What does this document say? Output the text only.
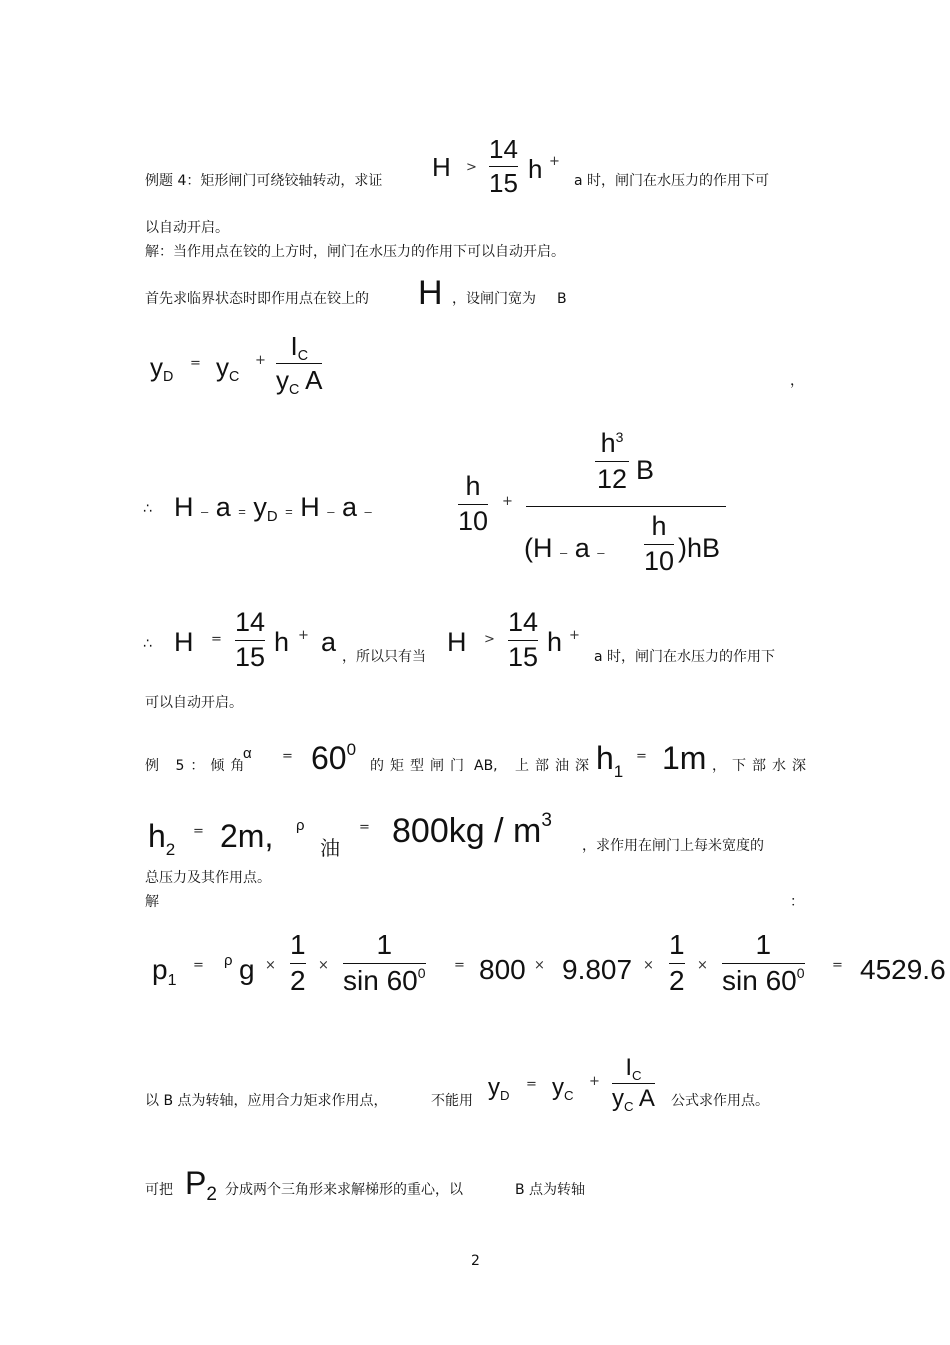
例题 4：矩形闸门可绕铰轴转动，求证 H >
14
15 h +
a 时，闸门在水压力的作用下可
以自动开启。
解：当作用点在铰的上方时，闸门在水压力的作用下可以自动开启。
首先求临界状态时即作用点在铰上的 H ，设闸门宽为 B
yD
= yC
+ IC
yC A	，
∴ H – a = yD = H – a –
h
10
+
$\frac{h^3}{12}$ B
(H – a –
h
10 )hB
∴ H =
14
15 h + a ，所以只有当 H >
14
15 h +
a 时，闸门在水压力的作用下
可以自动开启。
例 5：倾角
$\alpha = 60^0$
的矩型闸门 AB, 上部油深 $h_1$
= 1m ，下部水深
$h_2$
= 2m, ρ
油
= $800kg / m^3$
，求作用在闸门上每米宽度的
总压力及其作用点。
解	：
p1
= ρ g ×
1
2 ×
1
$\sin 60^0 = 800 \times 9.807$ ×
1
2 ×
1
$\sin 60^0 = 4529.6$
以 B 点为转轴，应用合力矩求作用点，	不能用 yD
= yC
+
IC
yC A 公式求作用点。
可把 P2 分成两个三角形来求解梯形的重心，以	B 点为转轴
2
